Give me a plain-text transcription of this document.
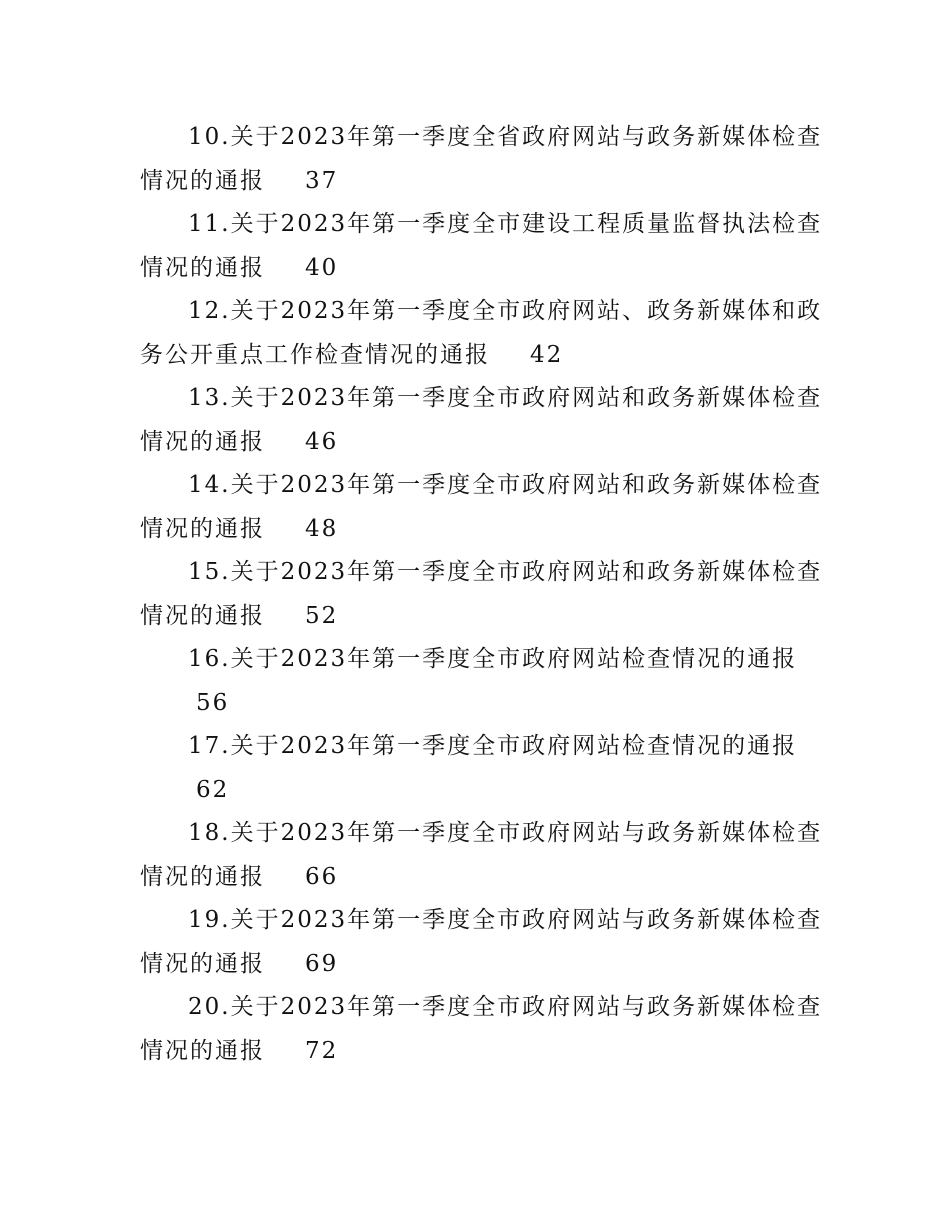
10.关于2023年第一季度全省政府网站与政务新媒体检查
情况的通报 37
11.关于2023年第一季度全市建设工程质量监督执法检查
情况的通报 40
12.关于2023年第一季度全市政府网站、政务新媒体和政
务公开重点工作检查情况的通报 42
13.关于2023年第一季度全市政府网站和政务新媒体检查
情况的通报 46
14.关于2023年第一季度全市政府网站和政务新媒体检查
情况的通报 48
15.关于2023年第一季度全市政府网站和政务新媒体检查
情况的通报 52
16.关于2023年第一季度全市政府网站检查情况的通报
56
17.关于2023年第一季度全市政府网站检查情况的通报
62
18.关于2023年第一季度全市政府网站与政务新媒体检查
情况的通报 66
19.关于2023年第一季度全市政府网站与政务新媒体检查
情况的通报 69
20.关于2023年第一季度全市政府网站与政务新媒体检查
情况的通报 72
